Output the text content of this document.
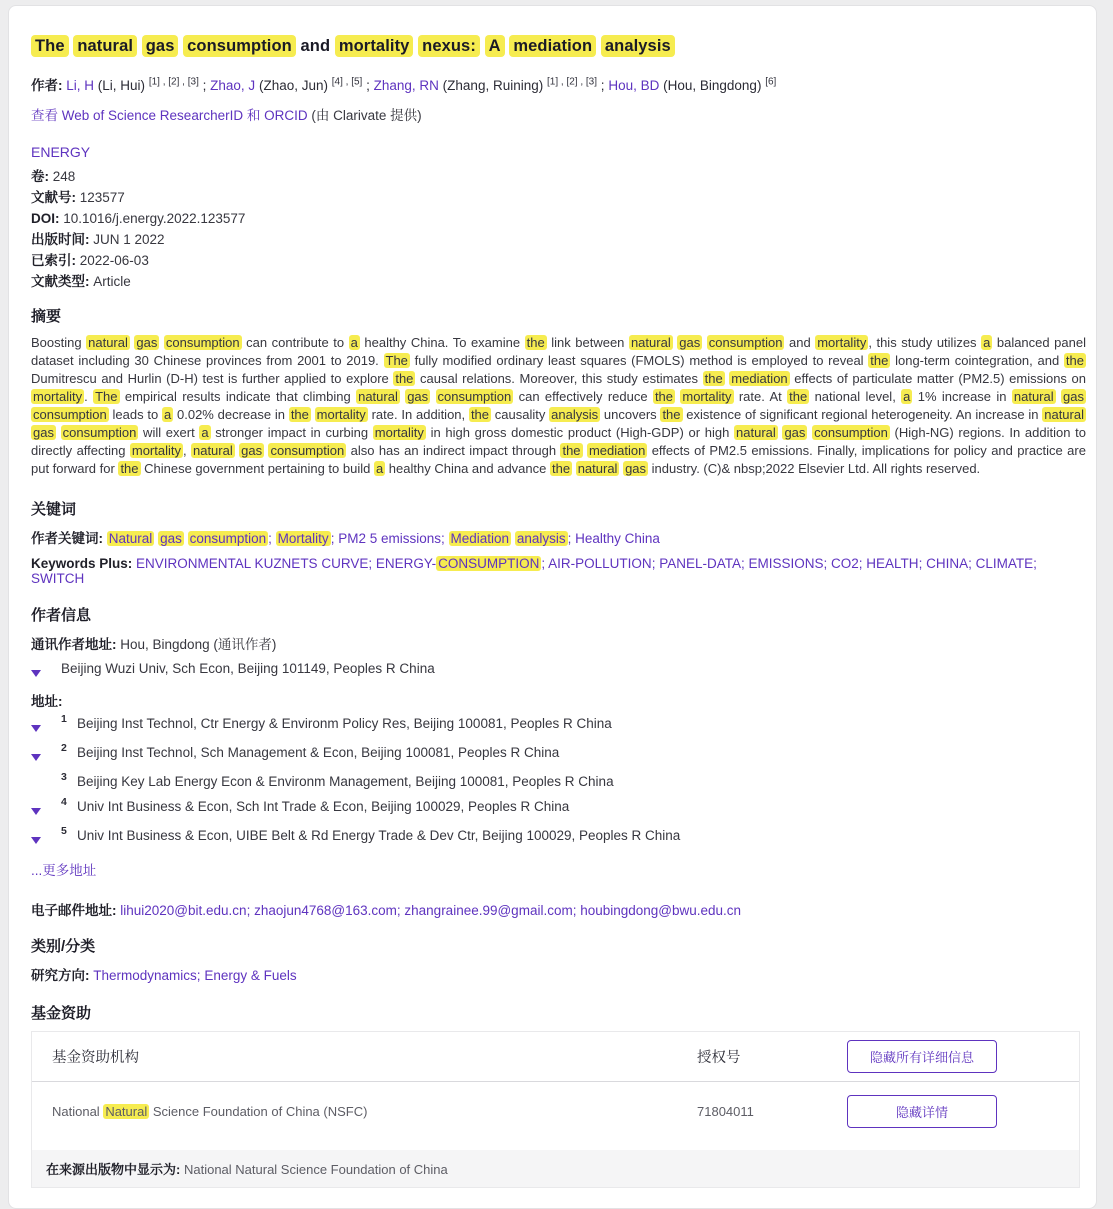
The natural gas consumption and mortality nexus: A mediation analysis
作者: Li, H (Li, Hui) [1] , [2] , [3] ; Zhao, J (Zhao, Jun) [4] , [5] ; Zhang, RN (Zhang, Ruining) [1] , [2] , [3] ; Hou, BD (Hou, Bingdong) [6]
查看 Web of Science ResearcherID 和 ORCID (由 Clarivate 提供)
ENERGY
卷: 248
文献号: 123577
DOI: 10.1016/j.energy.2022.123577
出版时间: JUN 1 2022
已索引: 2022-06-03
文献类型: Article
摘要

Boosting natural gas consumption can contribute to a healthy China. To examine the link between natural gas consumption and mortality , this study utilizes a balanced panel dataset including 30 Chinese provinces from 2001 to 2019. The fully modified ordinary least squares (FMOLS) method is employed to reveal the long-term cointegration, and the Dumitrescu and Hurlin (D-H) test is further applied to explore the causal relations. Moreover, this study estimates the mediation effects of particulate matter (PM2.5) emissions on mortality . The empirical results indicate that climbing natural gas consumption can effectively reduce the mortality rate. At the national level, a 1% increase in natural gas consumption leads to a 0.02% decrease in the mortality rate. In addition, the causality analysis uncovers the existence of significant regional heterogeneity. An increase in natural gas consumption will exert a stronger impact in curbing mortality in high gross domestic product (High-GDP) or high natural gas consumption (High-NG) regions. In addition to directly affecting mortality , natural gas consumption also has an indirect impact through the mediation effects of PM2.5 emissions. Finally, implications for policy and practice are put forward for the Chinese government pertaining to build a healthy China and advance the natural gas industry. (C)& nbsp;2022 Elsevier Ltd. All rights reserved.

关键词
作者关键词: Natural gas consumption ; Mortality ; PM2 5 emissions; Mediation analysis ; Healthy China
Keywords Plus: ENVIRONMENTAL KUZNETS CURVE; ENERGY- CONSUMPTION ; AIR-POLLUTION; PANEL-DATA; EMISSIONS; CO2; HEALTH; CHINA; CLIMATE; SWITCH
作者信息
通讯作者地址: Hou, Bingdong (通讯作者)
Beijing Wuzi Univ, Sch Econ, Beijing 101149, Peoples R China
地址:
$^1$ Beijing Inst Technol, Ctr Energy & Environm Policy Res, Beijing 100081, Peoples R China
$^2$ Beijing Inst Technol, Sch Management & Econ, Beijing 100081, Peoples R China
$^3$ Beijing Key Lab Energy Econ & Environm Management, Beijing 100081, Peoples R China
$^4$ Univ Int Business & Econ, Sch Int Trade & Econ, Beijing 100029, Peoples R China
$^5$ Univ Int Business & Econ, UIBE Belt & Rd Energy Trade & Dev Ctr, Beijing 100029, Peoples R China
...更多地址
电子邮件地址: lihui2020@bit.edu.cn; zhaojun4768@163.com; zhangrainee.99@gmail.com; houbingdong@bwu.edu.cn
类别/分类
研究方向: Thermodynamics; Energy & Fuels
基金资助
基金资助机构	授权号	隐藏所有详细信息
National Natural Science Foundation of China (NSFC)	71804011	隐藏详情
在来源出版物中显示为: National Natural Science Foundation of China
